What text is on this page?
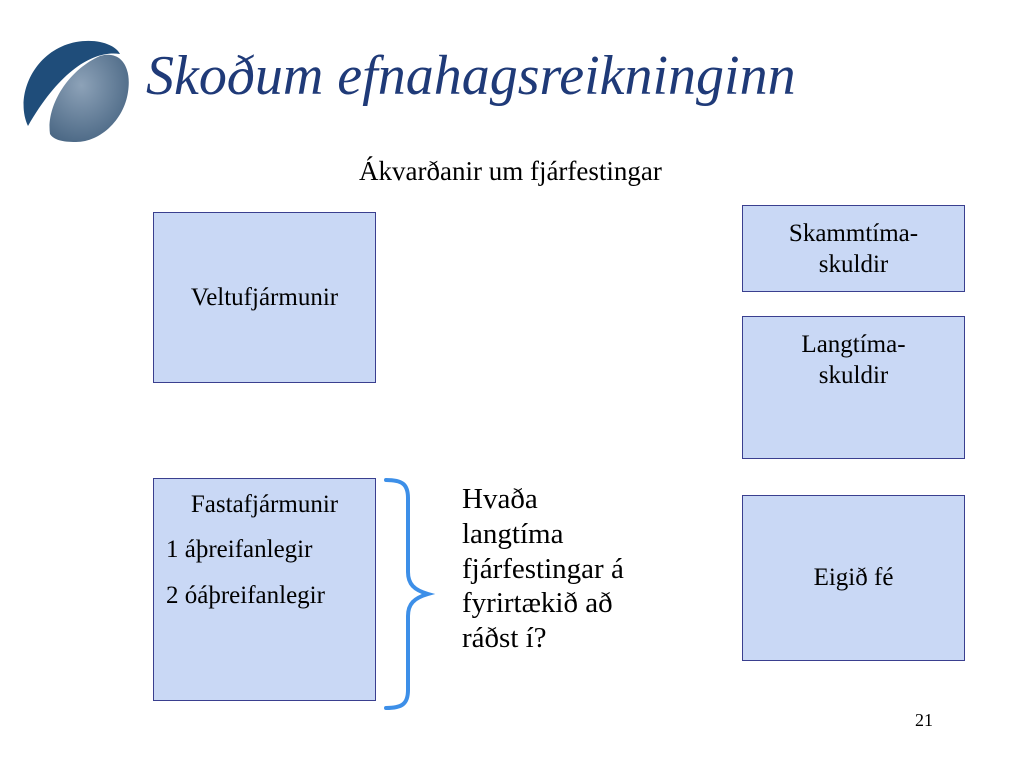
Skoðum efnahagsreikninginn
Ákvarðanir um fjárfestingar
Veltufjármunir
Fastafjármunir
1 áþreifanlegir
2 óáþreifanlegir
Skammtíma-
skuldir
Langtíma-
skuldir
Eigið fé
Hvaða
langtíma
fjárfestingar á
fyrirtækið að
ráðst í?
21
